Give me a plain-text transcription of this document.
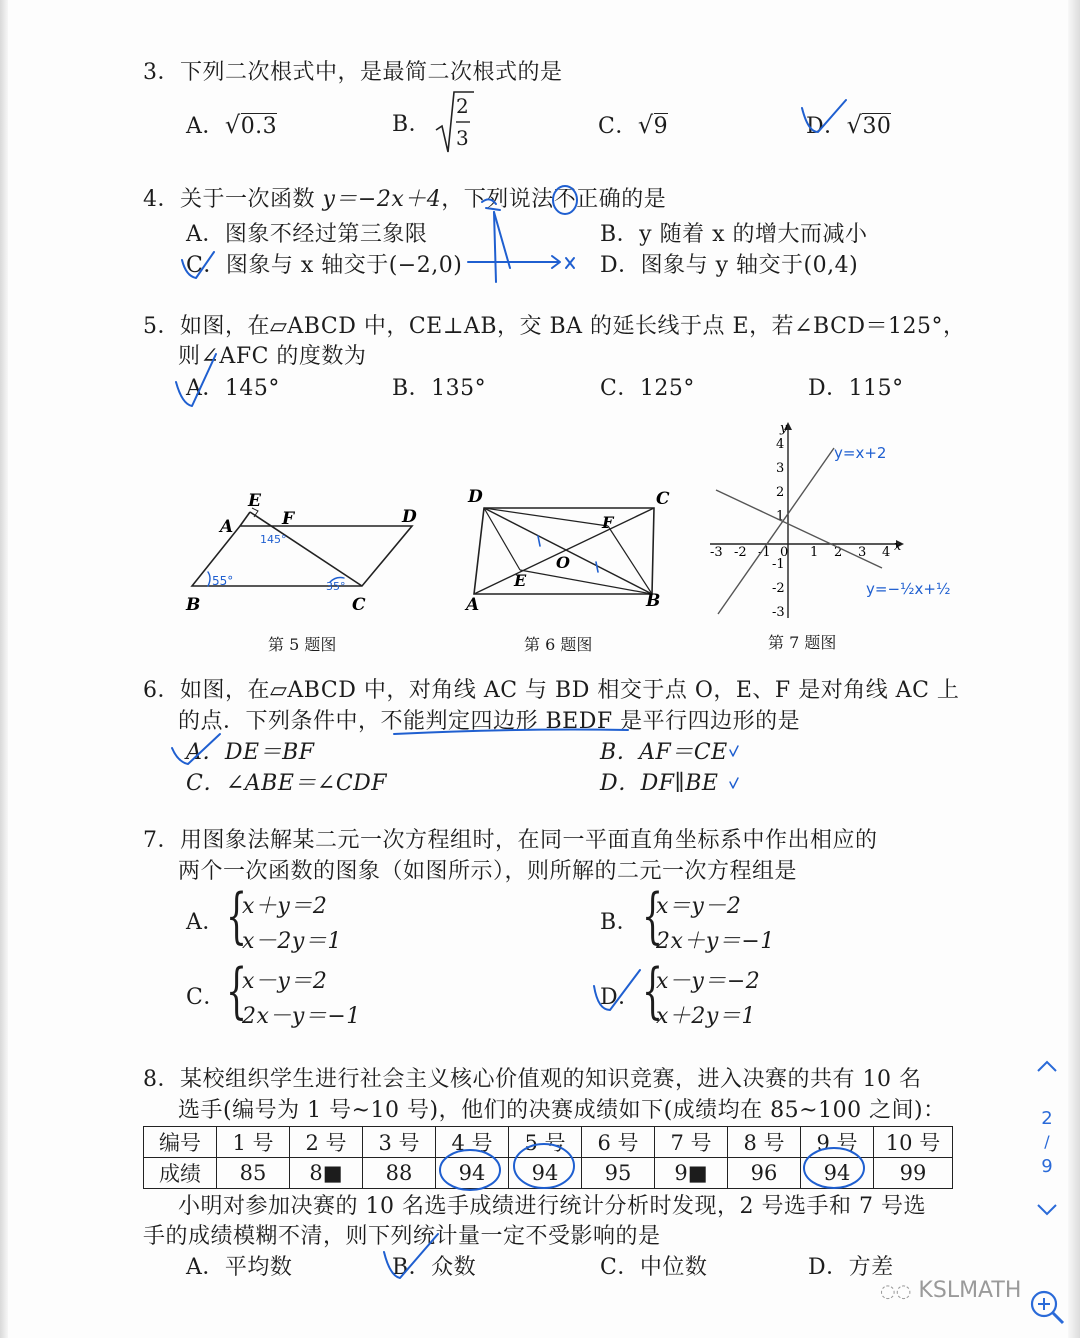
3．下列二次根式中，是最简二次根式的是
A．√0.3	B．
2
3	C．√9	D．√30
4．关于一次函数 y＝−2x＋4，下列说法不正确的是
A．图象不经过第三象限	B．y 随着 x 的增大而减小
C．图象与 x 轴交于(−2,0)	D．图象与 y 轴交于(0,4)
5．如图，在▱ABCD 中，CE⊥AB，交 BA 的延长线于点 E，若∠BCD＝125°，
则∠AFC 的度数为
A．145°	B．135°	C．125°	D．115°
E
A	F	D
B	C
55°
145°
35°
第 5 题图
D	C
F
O
E
A	B
第 6 题图
y
x
4
3
2
1
-1
-2
-3
-3 -2 -1 0 1 2 3 4
y=x+2
y=−½x+½
第 7 题图
6．如图，在▱ABCD 中，对角线 AC 与 BD 相交于点 O，E、F 是对角线 AC 上
的点．下列条件中，不能判定四边形 BEDF 是平行四边形的是
A．DE＝BF	B．AF＝CE
C．∠ABE＝∠CDF	D．DF∥BE
7．用图象法解某二元一次方程组时，在同一平面直角坐标系中作出相应的
两个一次函数的图象（如图所示），则所解的二元一次方程组是
A． {
x＋y＝2
x－2y＝1
B． {
x＝y－2
2x＋y＝−1
C． {
x－y＝2
2x－y＝−1
D． {
x－y＝−2
x＋2y＝1
8．某校组织学生进行社会主义核心价值观的知识竞赛，进入决赛的共有 10 名
选手(编号为 1 号~10 号)，他们的决赛成绩如下(成绩均在 85~100 之间)：
编号	1 号	2 号	3 号	4 号	5 号	6 号	7 号	8 号	9 号	10 号
成绩	85	8■	88	94	94	95	9■	96	94	99
小明对参加决赛的 10 名选手成绩进行统计分析时发现，2 号选手和 7 号选
手的成绩模糊不清，则下列统计量一定不受影响的是
A．平均数	B．众数	C．中位数	D．方差
2
/
9
◌◌ KSLMATH
